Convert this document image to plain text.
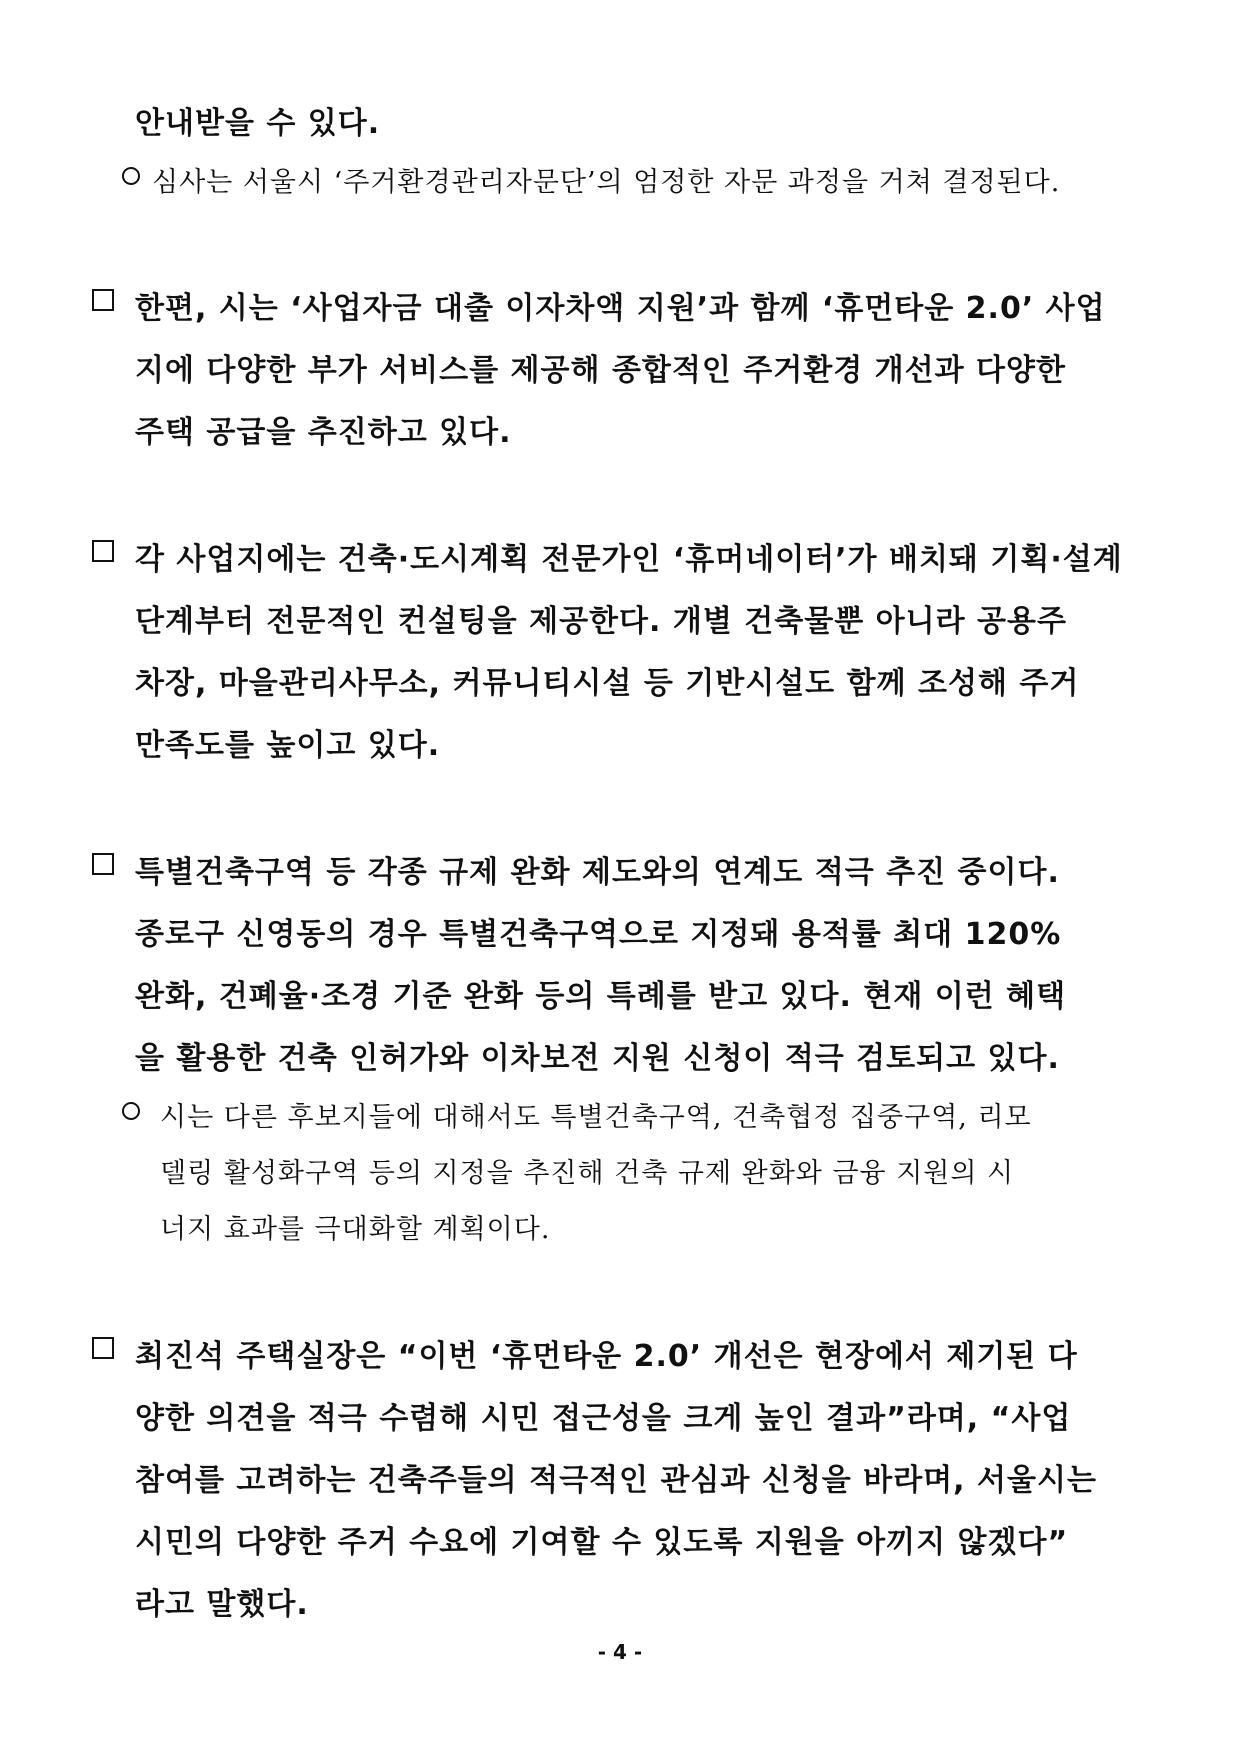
안내받을 수 있다.
심사는 서울시 ‘주거환경관리자문단’의 엄정한 자문 과정을 거쳐 결정된다.
한편, 시는 ‘사업자금 대출 이자차액 지원’과 함께 ‘휴먼타운 2.0’ 사업
지에 다양한 부가 서비스를 제공해 종합적인 주거환경 개선과 다양한
주택 공급을 추진하고 있다.
각 사업지에는 건축·도시계획 전문가인 ‘휴머네이터’가 배치돼 기획·설계
단계부터 전문적인 컨설팅을 제공한다. 개별 건축물뿐 아니라 공용주
차장, 마을관리사무소, 커뮤니티시설 등 기반시설도 함께 조성해 주거
만족도를 높이고 있다.
특별건축구역 등 각종 규제 완화 제도와의 연계도 적극 추진 중이다.
종로구 신영동의 경우 특별건축구역으로 지정돼 용적률 최대 120%
완화, 건폐율·조경 기준 완화 등의 특례를 받고 있다. 현재 이런 혜택
을 활용한 건축 인허가와 이차보전 지원 신청이 적극 검토되고 있다.
시는 다른 후보지들에 대해서도 특별건축구역, 건축협정 집중구역, 리모
델링 활성화구역 등의 지정을 추진해 건축 규제 완화와 금융 지원의 시
너지 효과를 극대화할 계획이다.
최진석 주택실장은 “이번 ‘휴먼타운 2.0’ 개선은 현장에서 제기된 다
양한 의견을 적극 수렴해 시민 접근성을 크게 높인 결과”라며, “사업
참여를 고려하는 건축주들의 적극적인 관심과 신청을 바라며, 서울시는
시민의 다양한 주거 수요에 기여할 수 있도록 지원을 아끼지 않겠다”
라고 말했다.
- 4 -
